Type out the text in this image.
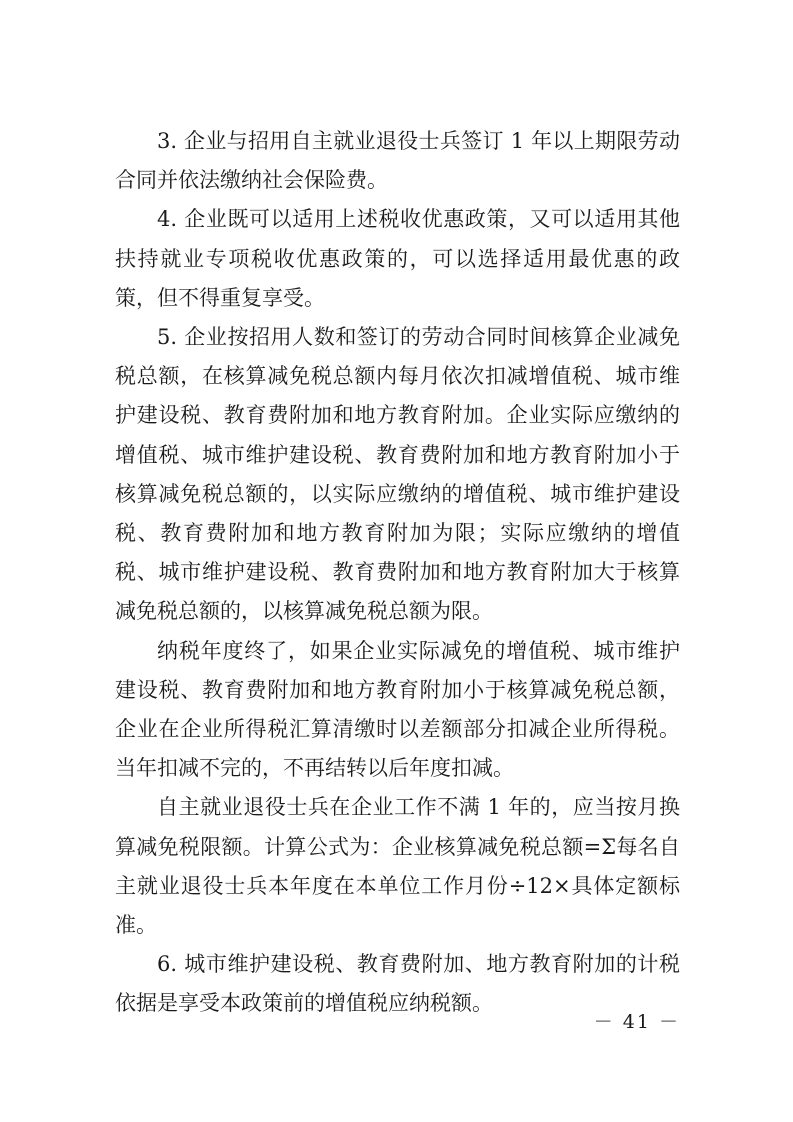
3. 企业与招用自主就业退役士兵签订 1 年以上期限劳动合同并依法缴纳社会保险费。

4. 企业既可以适用上述税收优惠政策，又可以适用其他扶持就业专项税收优惠政策的，可以选择适用最优惠的政策，但不得重复享受。

5. 企业按招用人数和签订的劳动合同时间核算企业减免税总额，在核算减免税总额内每月依次扣减增值税、城市维护建设税、教育费附加和地方教育附加。企业实际应缴纳的增值税、城市维护建设税、教育费附加和地方教育附加小于核算减免税总额的，以实际应缴纳的增值税、城市维护建设税、教育费附加和地方教育附加为限；实际应缴纳的增值税、城市维护建设税、教育费附加和地方教育附加大于核算减免税总额的，以核算减免税总额为限。

纳税年度终了，如果企业实际减免的增值税、城市维护建设税、教育费附加和地方教育附加小于核算减免税总额，企业在企业所得税汇算清缴时以差额部分扣减企业所得税。当年扣减不完的，不再结转以后年度扣减。

自主就业退役士兵在企业工作不满 1 年的，应当按月换算减免税限额。计算公式为：企业核算减免税总额=Σ每名自主就业退役士兵本年度在本单位工作月份÷12×具体定额标准。

6. 城市维护建设税、教育费附加、地方教育附加的计税依据是享受本政策前的增值税应纳税额。

－ 41 －
